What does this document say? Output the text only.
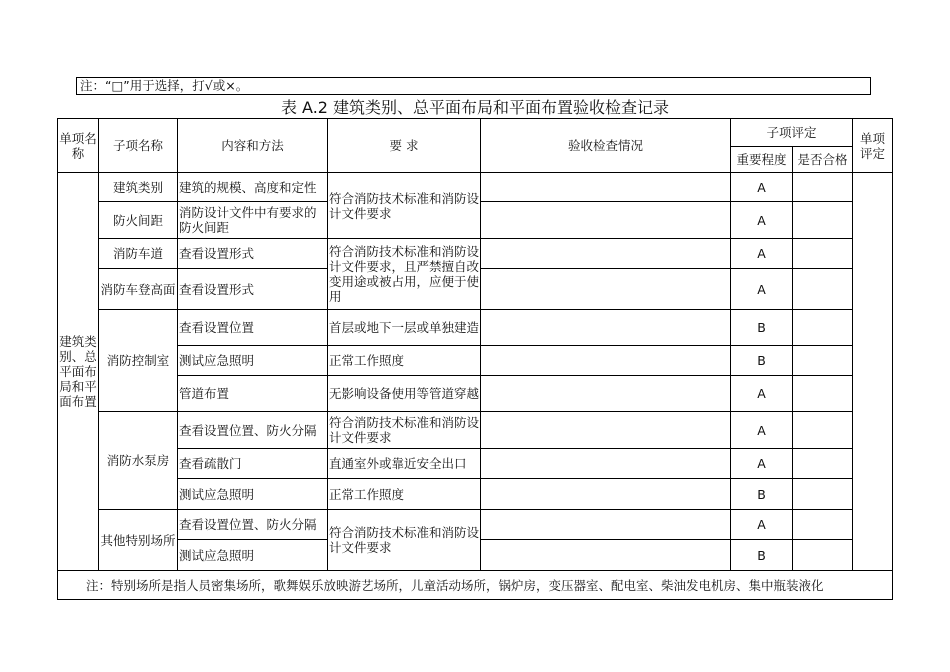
注：“□”用于选择，打√或×。
表 A.2 建筑类别、总平面布局和平面布置验收检查记录
单项名称	子项名称	内容和方法	要 求	验收检查情况	子项评定		单项评定
					重要程度	是否合格	
建筑类别、总平面布局和平面布置	建筑类别	建筑的规模、高度和定性	符合消防技术标准和消防设计文件要求		A		
	防火间距	消防设计文件中有要求的防火间距			A		
	消防车道	查看设置形式	符合消防技术标准和消防设计文件要求，且严禁擅自改变用途或被占用，应便于使用		A		
	消防车登高面	查看设置形式			A		
	消防控制室	查看设置位置	首层或地下一层或单独建造		B		
		测试应急照明	正常工作照度		B		
		管道布置	无影响设备使用等管道穿越		A		
	消防水泵房	查看设置位置、防火分隔	符合消防技术标准和消防设计文件要求		A		
		查看疏散门	直通室外或靠近安全出口		A		
		测试应急照明	正常工作照度		B		
	其他特别场所	查看设置位置、防火分隔	符合消防技术标准和消防设计文件要求		A		
		测试应急照明			B		
注：特别场所是指人员密集场所，歌舞娱乐放映游艺场所，儿童活动场所，锅炉房，变压器室、配电室、柴油发电机房、集中瓶装液化							
